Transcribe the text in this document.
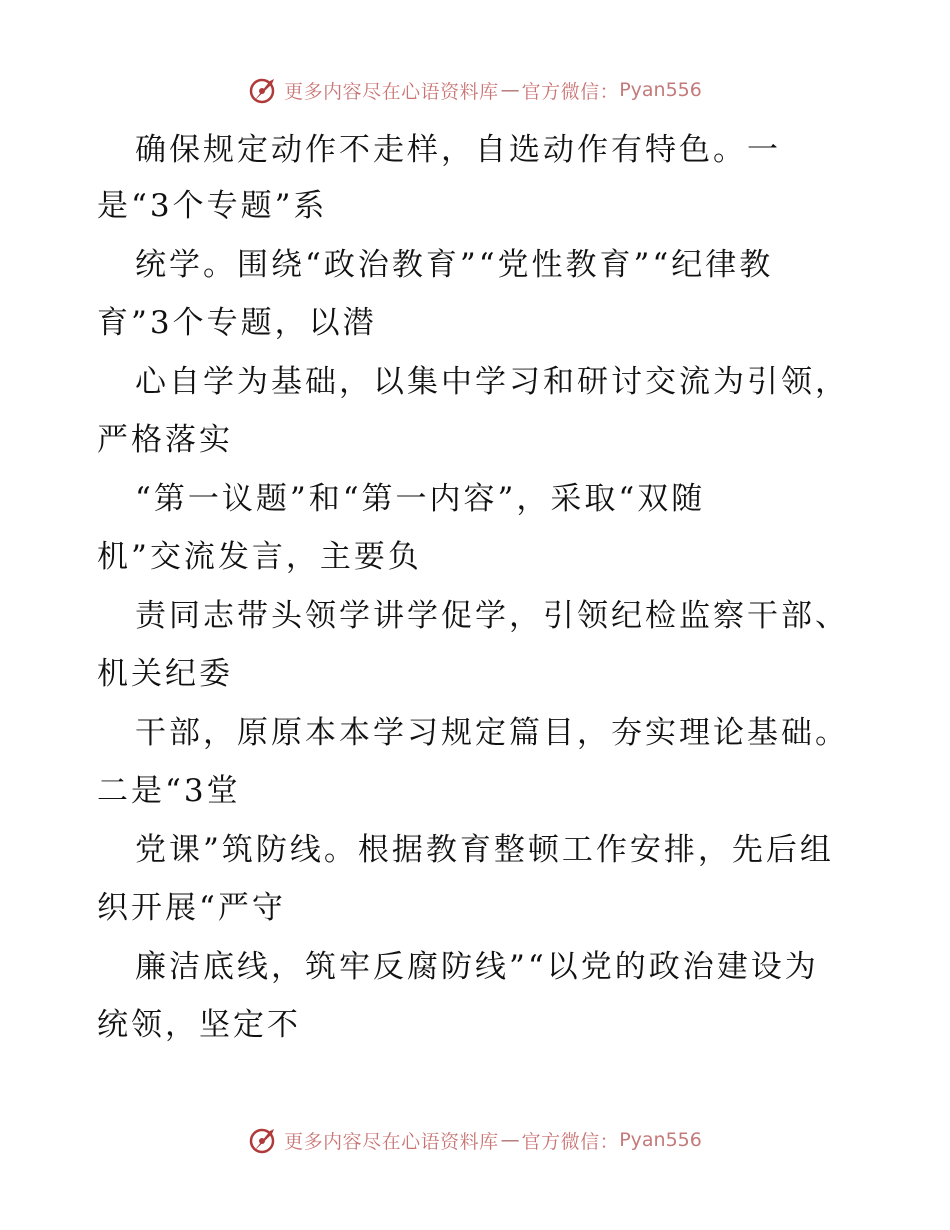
更多内容尽在心语资料库 — 官方微信： Pyan556
确保规定动作不走样，自选动作有特色。一
是“3个专题”系
统学。围绕“政治教育”“党性教育”“纪律教
育”3个专题，以潜
心自学为基础，以集中学习和研讨交流为引领，
严格落实
“第一议题”和“第一内容”，采取“双随
机”交流发言，主要负
责同志带头领学讲学促学，引领纪检监察干部、
机关纪委
干部，原原本本学习规定篇目，夯实理论基础。
二是“3堂
党课”筑防线。根据教育整顿工作安排，先后组
织开展“严守
廉洁底线，筑牢反腐防线”“以党的政治建设为
统领，坚定不
更多内容尽在心语资料库 — 官方微信： Pyan556
